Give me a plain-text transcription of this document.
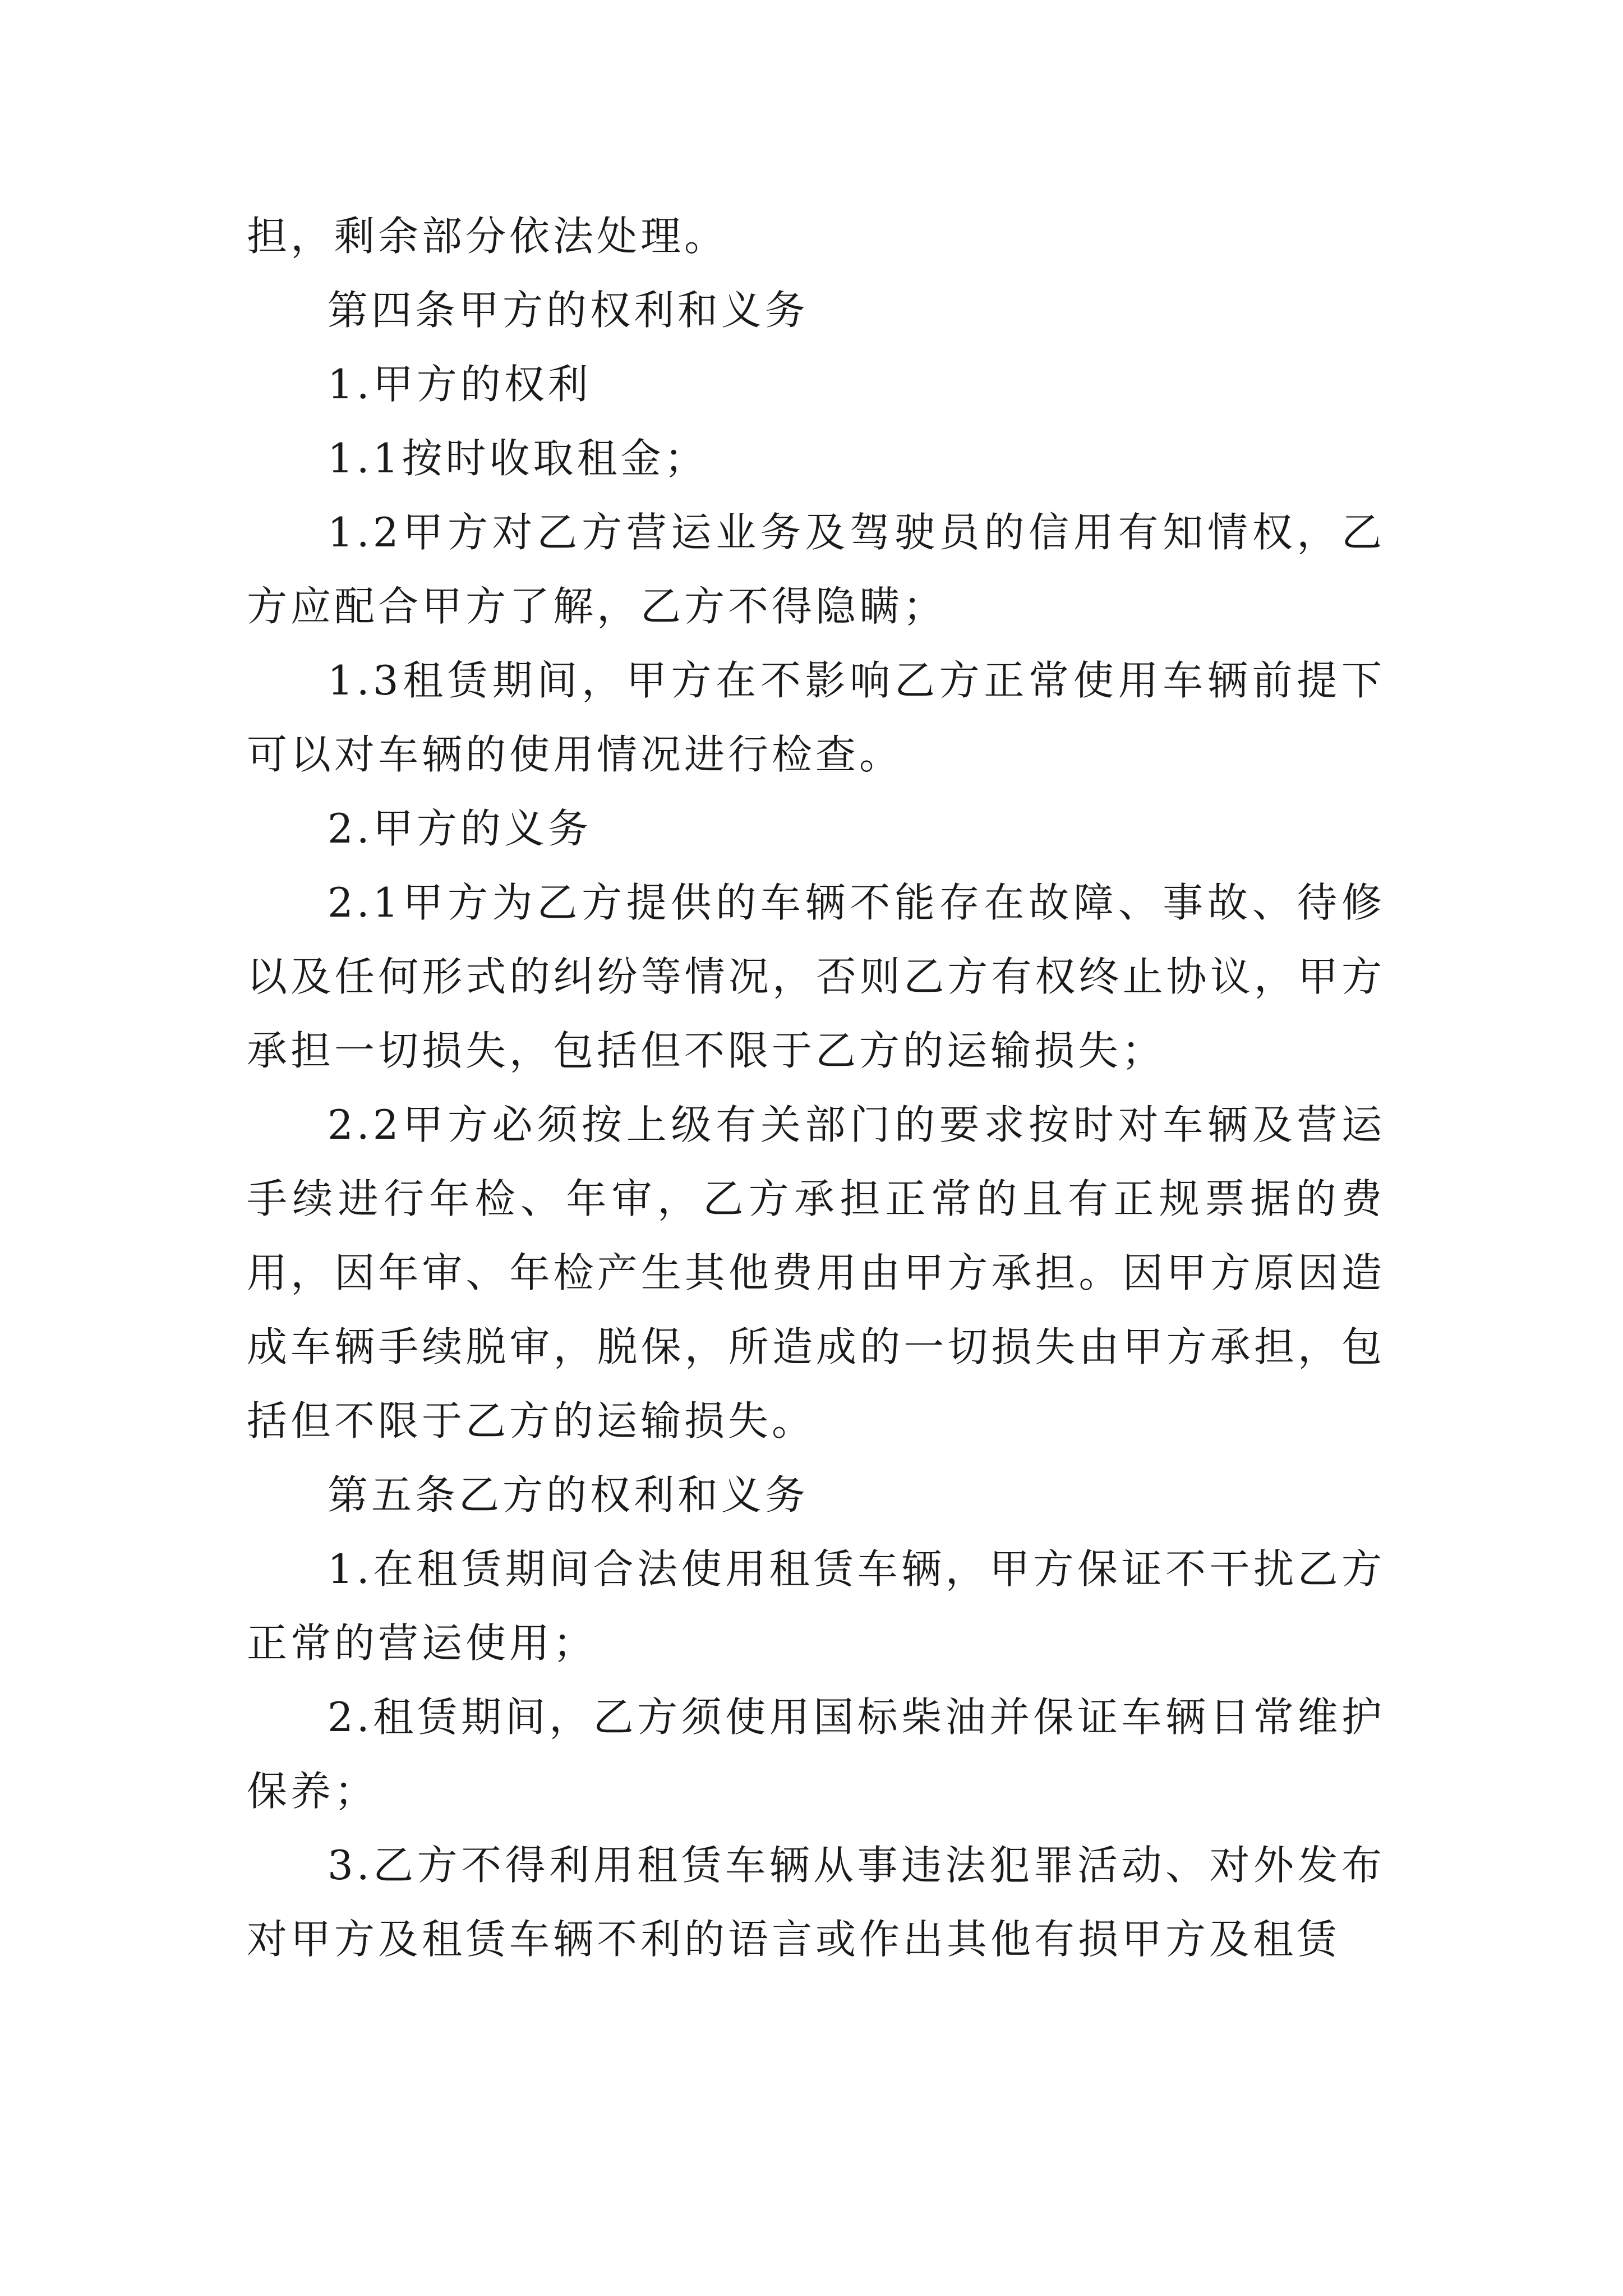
担，剩余部分依法处理。

第四条甲方的权利和义务

1.甲方的权利

1.1按时收取租金；

1.2甲方对乙方营运业务及驾驶员的信用有知情权，乙方应配合甲方了解，乙方不得隐瞒；

1.3租赁期间，甲方在不影响乙方正常使用车辆前提下可以对车辆的使用情况进行检查。

2.甲方的义务

2.1甲方为乙方提供的车辆不能存在故障、事故、待修以及任何形式的纠纷等情况，否则乙方有权终止协议，甲方承担一切损失，包括但不限于乙方的运输损失；

2.2甲方必须按上级有关部门的要求按时对车辆及营运手续进行年检、年审，乙方承担正常的且有正规票据的费用，因年审、年检产生其他费用由甲方承担。因甲方原因造成车辆手续脱审，脱保，所造成的一切损失由甲方承担，包括但不限于乙方的运输损失。

第五条乙方的权利和义务

1.在租赁期间合法使用租赁车辆，甲方保证不干扰乙方正常的营运使用；

2.租赁期间，乙方须使用国标柴油并保证车辆日常维护保养；

3.乙方不得利用租赁车辆从事违法犯罪活动、对外发布对甲方及租赁车辆不利的语言或作出其他有损甲方及租赁
